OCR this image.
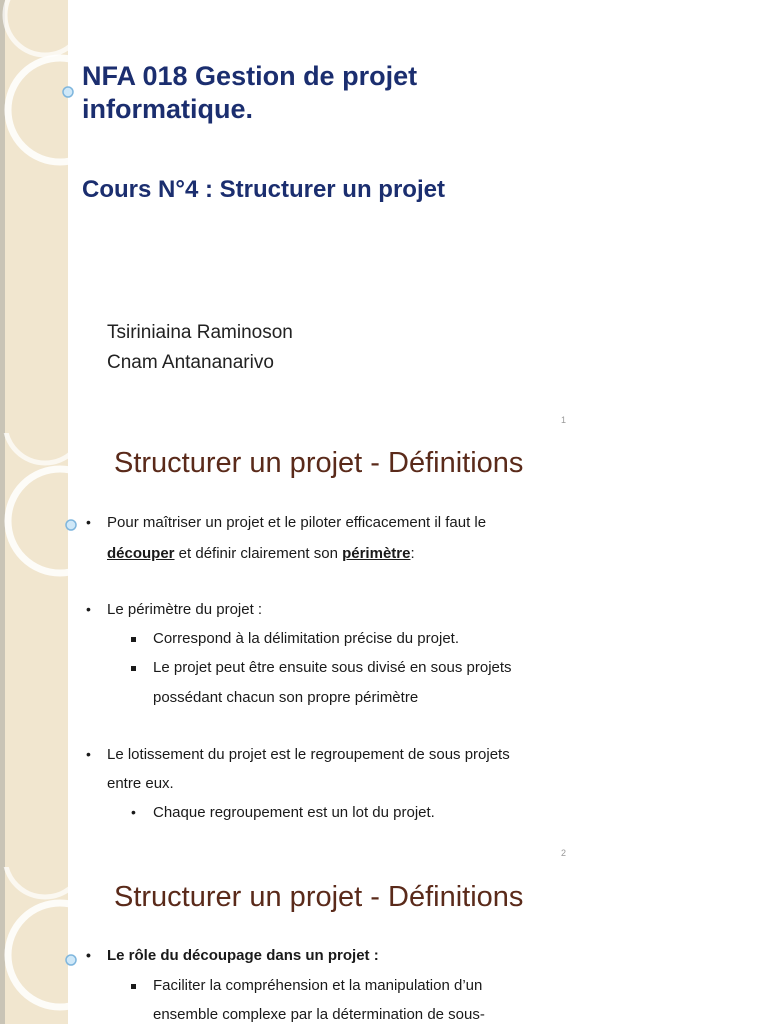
NFA 018 Gestion de projet informatique.
Cours N°4 : Structurer un projet
Tsiriniaina Raminoson
Cnam Antananarivo
1
Structurer un projet - Définitions
• Pour maîtriser un projet et le piloter efficacement il faut le
découper et définir clairement son périmètre:
• Le périmètre du projet :
Correspond à la délimitation précise du projet.
Le projet peut être ensuite sous divisé en sous projets
possédant chacun son propre périmètre
• Le lotissement du projet est le regroupement de sous projets
entre eux.
• Chaque regroupement est un lot du projet.
2
Structurer un projet - Définitions
• Le rôle du découpage dans un projet :
Faciliter la compréhension et la manipulation d’un
ensemble complexe par la détermination de sous-
